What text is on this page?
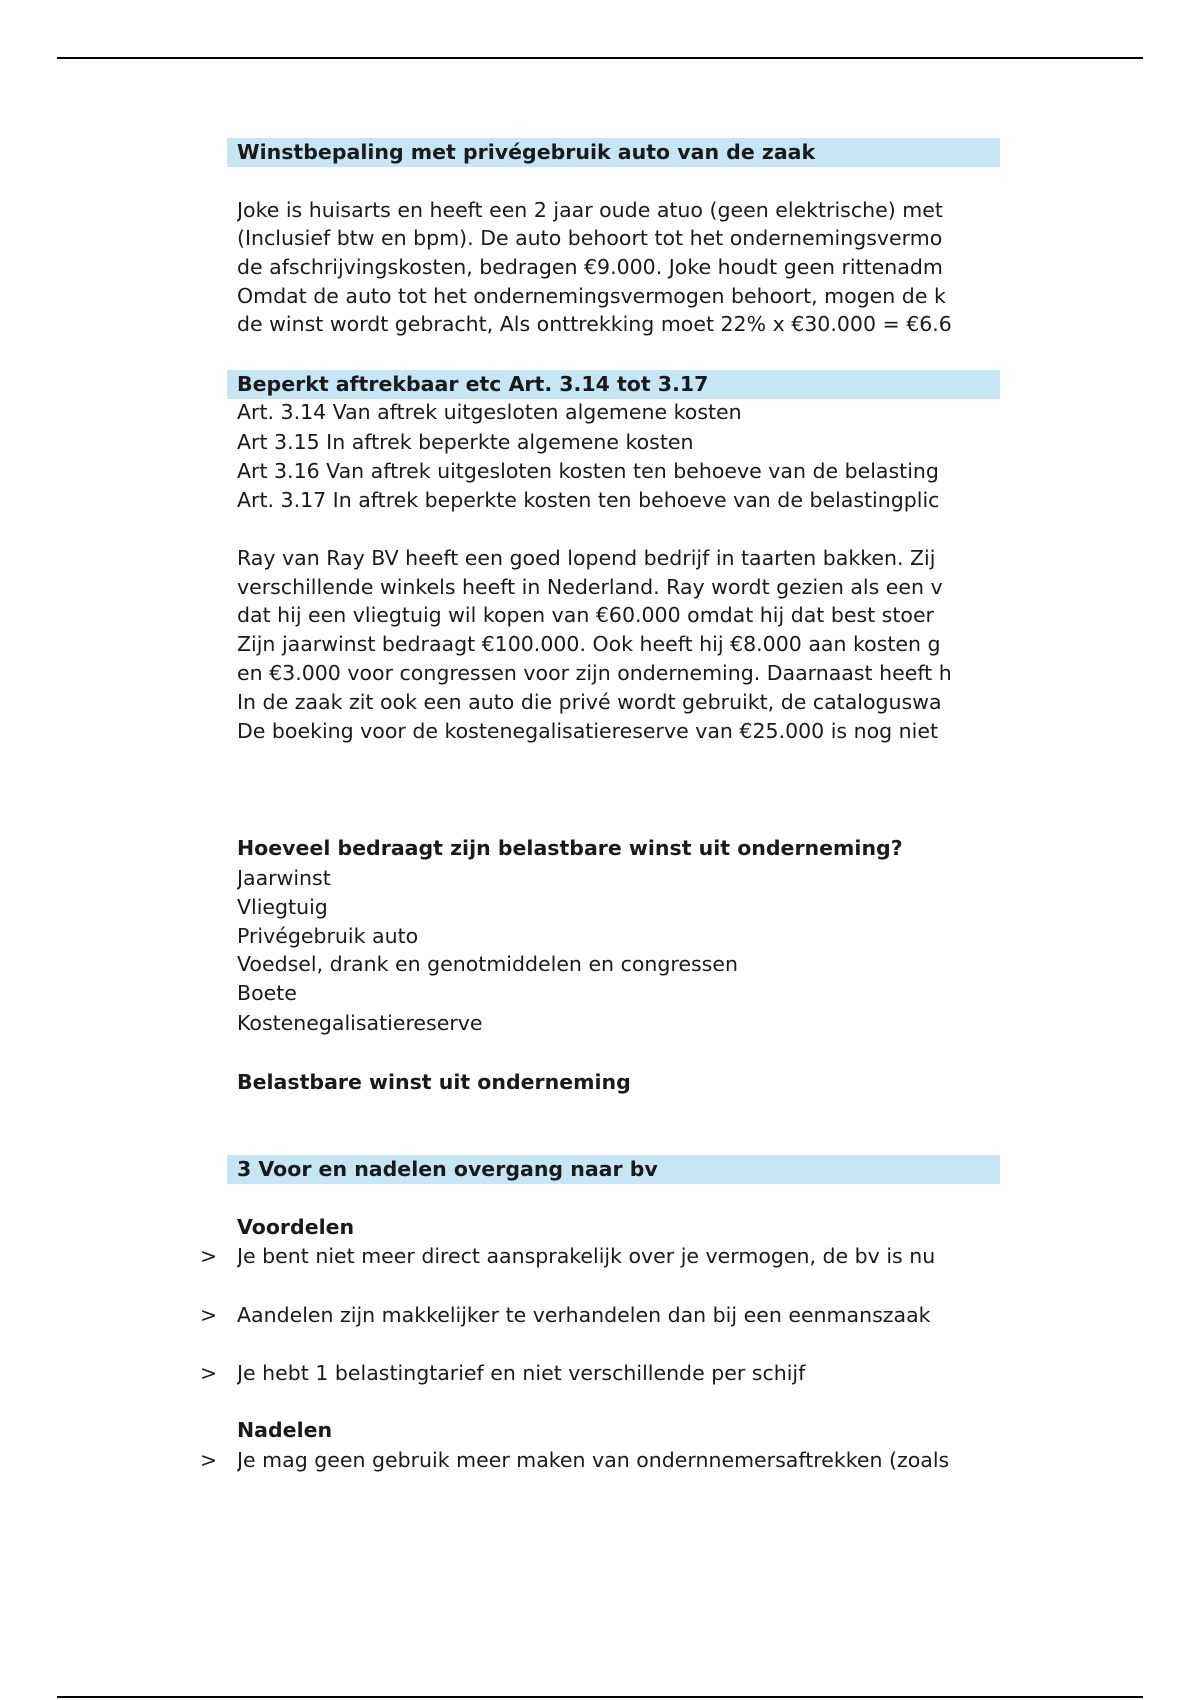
Winstbepaling met privégebruik auto van de zaak
Joke is huisarts en heeft een 2 jaar oude atuo (geen elektrische) met
(Inclusief btw en bpm). De auto behoort tot het ondernemingsvermo
de afschrijvingskosten, bedragen €9.000. Joke houdt geen rittenadm
Omdat de auto tot het ondernemingsvermogen behoort, mogen de k
de winst wordt gebracht, Als onttrekking moet 22% x €30.000 = €6.6
Beperkt aftrekbaar etc Art. 3.14 tot 3.17
Art. 3.14 Van aftrek uitgesloten algemene kosten
Art 3.15 In aftrek beperkte algemene kosten
Art 3.16 Van aftrek uitgesloten kosten ten behoeve van de belasting
Art. 3.17 In aftrek beperkte kosten ten behoeve van de belastingplic
Ray van Ray BV heeft een goed lopend bedrijf in taarten bakken. Zij
verschillende winkels heeft in Nederland. Ray wordt gezien als een v
dat hij een vliegtuig wil kopen van €60.000 omdat hij dat best stoer
Zijn jaarwinst bedraagt €100.000. Ook heeft hij €8.000 aan kosten g
en €3.000 voor congressen voor zijn onderneming. Daarnaast heeft h
In de zaak zit ook een auto die privé wordt gebruikt, de cataloguswa
De boeking voor de kostenegalisatiereserve van €25.000 is nog niet
Hoeveel bedraagt zijn belastbare winst uit onderneming?
Jaarwinst
Vliegtuig
Privégebruik auto
Voedsel, drank en genotmiddelen en congressen
Boete
Kostenegalisatiereserve
Belastbare winst uit onderneming
3 Voor en nadelen overgang naar bv
Voordelen
Je bent niet meer direct aansprakelijk over je vermogen, de bv is nu
Aandelen zijn makkelijker te verhandelen dan bij een eenmanszaak
Je hebt 1 belastingtarief en niet verschillende per schijf
Nadelen
Je mag geen gebruik meer maken van ondernnemersaftrekken (zoals
>
>
>
>
